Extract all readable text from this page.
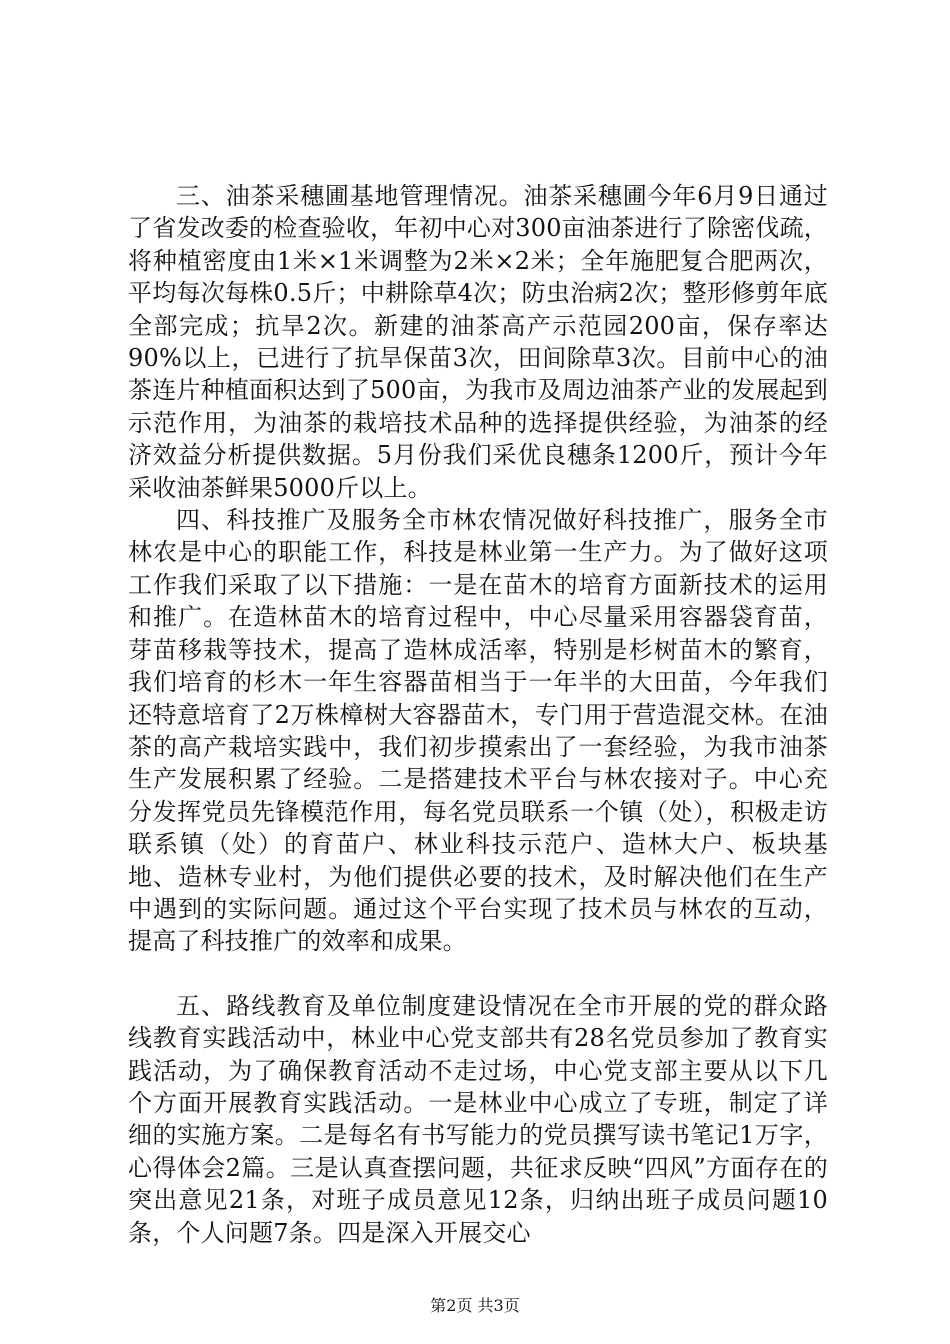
三、油茶采穗圃基地管理情况。油茶采穗圃今年6月9日通过了省发改委的检查验收，年初中心对300亩油茶进行了除密伐疏，将种植密度由1米×1米调整为2米×2米；全年施肥复合肥两次，平均每次每株0.5斤；中耕除草4次；防虫治病2次；整形修剪年底全部完成；抗旱2次。新建的油茶高产示范园200亩，保存率达90%以上，已进行了抗旱保苗3次，田间除草3次。目前中心的油茶连片种植面积达到了500亩，为我市及周边油茶产业的发展起到示范作用，为油茶的栽培技术品种的选择提供经验，为油茶的经济效益分析提供数据。5月份我们采优良穗条1200斤，预计今年采收油茶鲜果5000斤以上。

四、科技推广及服务全市林农情况做好科技推广，服务全市林农是中心的职能工作，科技是林业第一生产力。为了做好这项工作我们采取了以下措施：一是在苗木的培育方面新技术的运用和推广。在造林苗木的培育过程中，中心尽量采用容器袋育苗，芽苗移栽等技术，提高了造林成活率，特别是杉树苗木的繁育，我们培育的杉木一年生容器苗相当于一年半的大田苗，今年我们还特意培育了2万株樟树大容器苗木，专门用于营造混交林。在油茶的高产栽培实践中，我们初步摸索出了一套经验，为我市油茶生产发展积累了经验。二是搭建技术平台与林农接对子。中心充分发挥党员先锋模范作用，每名党员联系一个镇（处），积极走访联系镇（处）的育苗户、林业科技示范户、造林大户、板块基地、造林专业村，为他们提供必要的技术，及时解决他们在生产中遇到的实际问题。通过这个平台实现了技术员与林农的互动，提高了科技推广的效率和成果。

五、路线教育及单位制度建设情况在全市开展的党的群众路线教育实践活动中，林业中心党支部共有28名党员参加了教育实践活动，为了确保教育活动不走过场，中心党支部主要从以下几个方面开展教育实践活动。一是林业中心成立了专班，制定了详细的实施方案。二是每名有书写能力的党员撰写读书笔记1万字，心得体会2篇。三是认真查摆问题，共征求反映“四风”方面存在的突出意见21条，对班子成员意见12条，归纳出班子成员问题10条，个人问题7条。四是深入开展交心

第2页 共3页
